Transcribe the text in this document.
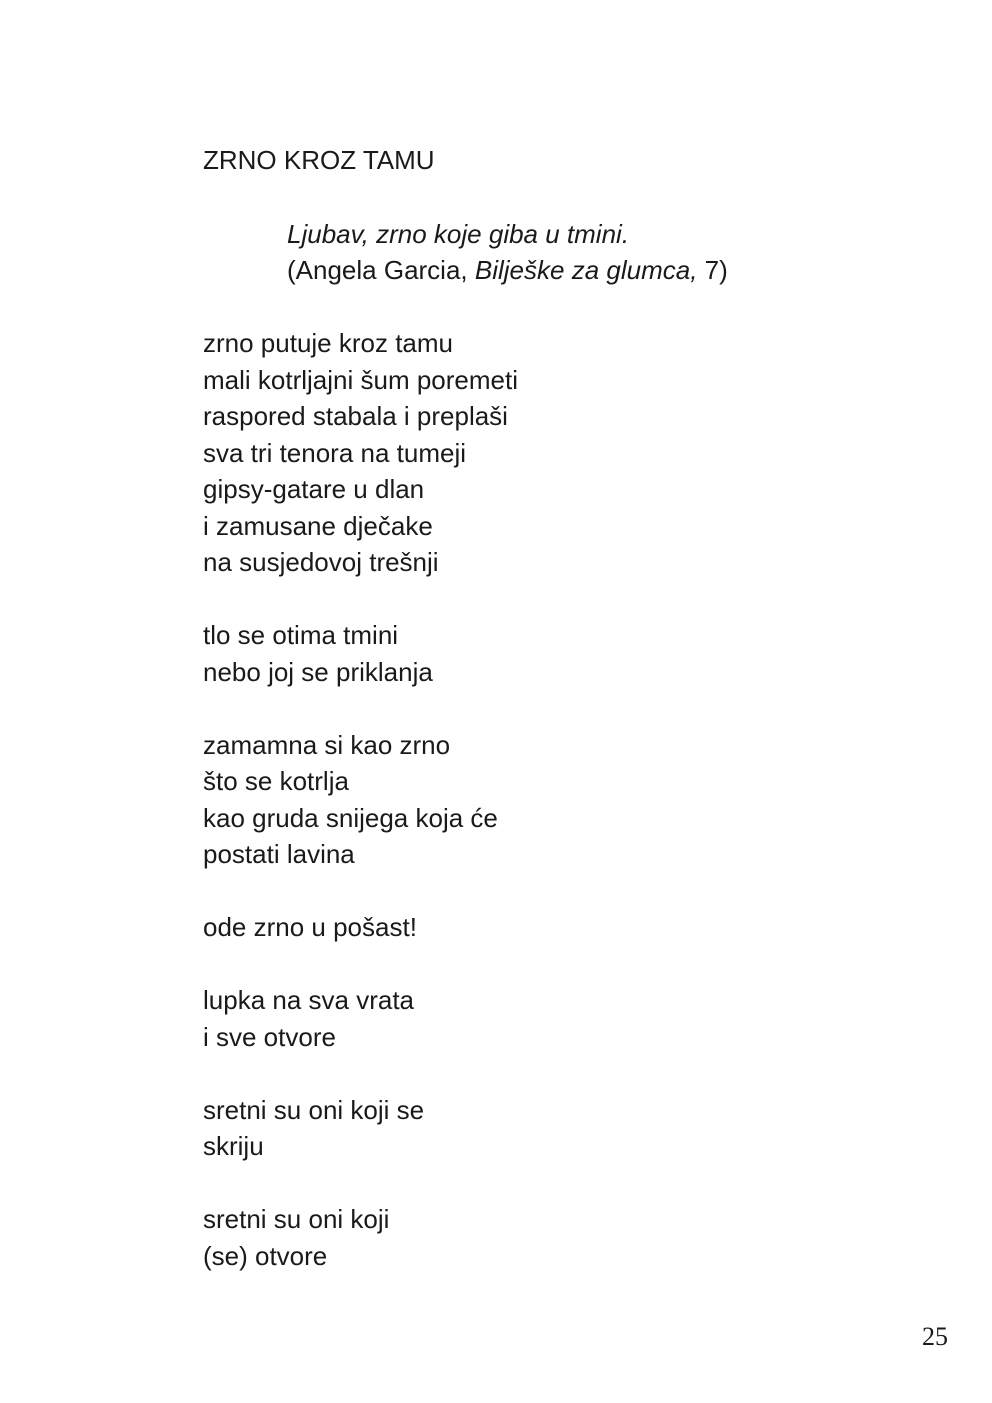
ZRNO KROZ TAMU
Ljubav, zrno koje giba u tmini.
(Angela Garcia, Bilješke za glumca, 7)
zrno putuje kroz tamu
mali kotrljajni šum poremeti
raspored stabala i preplaši
sva tri tenora na tumeji
gipsy-gatare u dlan
i zamusane dječake
na susjedovoj trešnji
tlo se otima tmini
nebo joj se priklanja
zamamna si kao zrno
što se kotrlja
kao gruda snijega koja će
postati lavina
ode zrno u pošast!
lupka na sva vrata
i sve otvore
sretni su oni koji se
skriju
sretni su oni koji
(se) otvore
25
